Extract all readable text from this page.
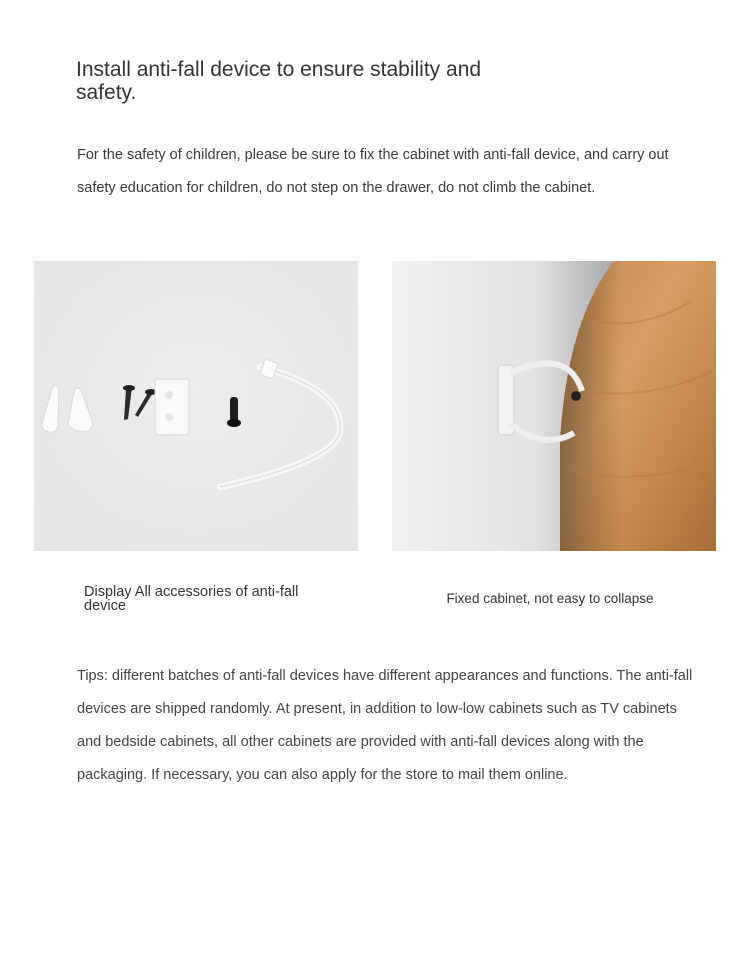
Install anti-fall device to ensure stability and safety.

For the safety of children, please be sure to fix the cabinet with anti-fall device, and carry out safety education for children, do not step on the drawer, do not climb the cabinet.

Display All accessories of anti-fall device	Fixed cabinet, not easy to collapse

Tips: different batches of anti-fall devices have different appearances and functions. The anti-fall devices are shipped randomly. At present, in addition to low-low cabinets such as TV cabinets and bedside cabinets, all other cabinets are provided with anti-fall devices along with the packaging. If necessary, you can also apply for the store to mail them online.
